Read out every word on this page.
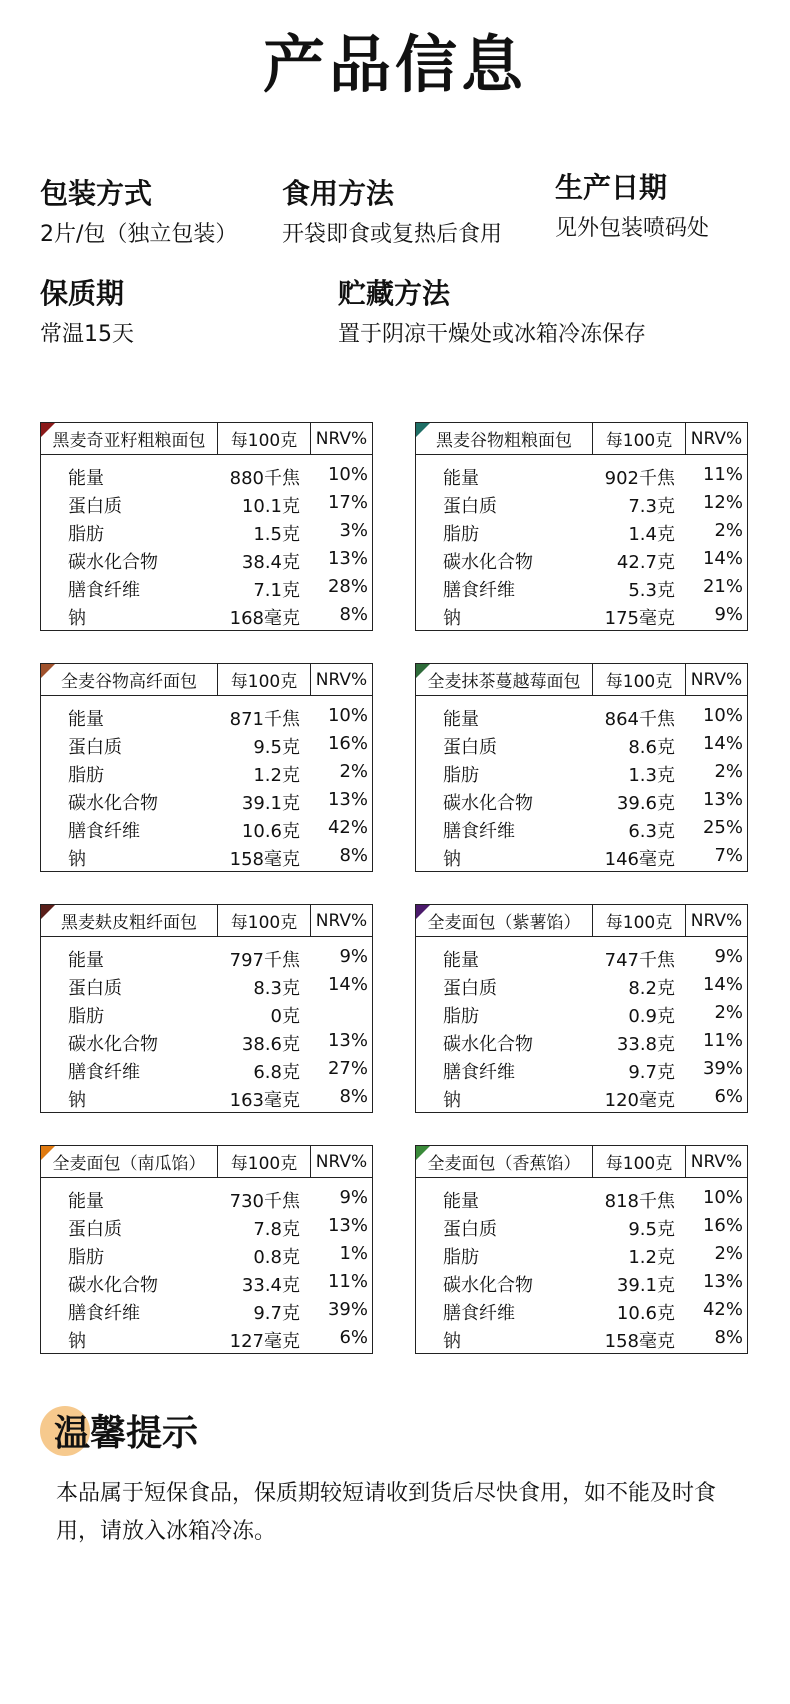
产品信息
包装方式
2片/包（独立包装）
食用方法
开袋即食或复热后食用
生产日期
见外包装喷码处
保质期
常温15天
贮藏方法
置于阴凉干燥处或冰箱冷冻保存
黑麦奇亚籽粗粮面包	每100克	NRV%
能量	880千焦 10%
蛋白质	10.1克 17%
脂肪	1.5克 3%
碳水化合物	38.4克 13%
膳食纤维	7.1克 28%
钠	168毫克 8%
黑麦谷物粗粮面包	每100克	NRV%
能量	902千焦 11%
蛋白质	7.3克 12%
脂肪	1.4克 2%
碳水化合物	42.7克 14%
膳食纤维	5.3克 21%
钠	175毫克 9%
全麦谷物高纤面包	每100克	NRV%
能量	871千焦 10%
蛋白质	9.5克 16%
脂肪	1.2克 2%
碳水化合物	39.1克 13%
膳食纤维	10.6克 42%
钠	158毫克 8%
全麦抹茶蔓越莓面包	每100克	NRV%
能量	864千焦 10%
蛋白质	8.6克 14%
脂肪	1.3克 2%
碳水化合物	39.6克 13%
膳食纤维	6.3克 25%
钠	146毫克 7%
黑麦麸皮粗纤面包	每100克	NRV%
能量	797千焦 9%
蛋白质	8.3克 14%
脂肪	0克
碳水化合物	38.6克 13%
膳食纤维	6.8克 27%
钠	163毫克 8%
全麦面包（紫薯馅）	每100克	NRV%
能量	747千焦 9%
蛋白质	8.2克 14%
脂肪	0.9克 2%
碳水化合物	33.8克 11%
膳食纤维	9.7克 39%
钠	120毫克 6%
全麦面包（南瓜馅）	每100克	NRV%
能量	730千焦 9%
蛋白质	7.8克 13%
脂肪	0.8克 1%
碳水化合物	33.4克 11%
膳食纤维	9.7克 39%
钠	127毫克 6%
全麦面包（香蕉馅）	每100克	NRV%
能量	818千焦 10%
蛋白质	9.5克 16%
脂肪	1.2克 2%
碳水化合物	39.1克 13%
膳食纤维	10.6克 42%
钠	158毫克 8%
温馨提示
本品属于短保食品，保质期较短请收到货后尽快食用，如不能及时食用，请放入冰箱冷冻。
